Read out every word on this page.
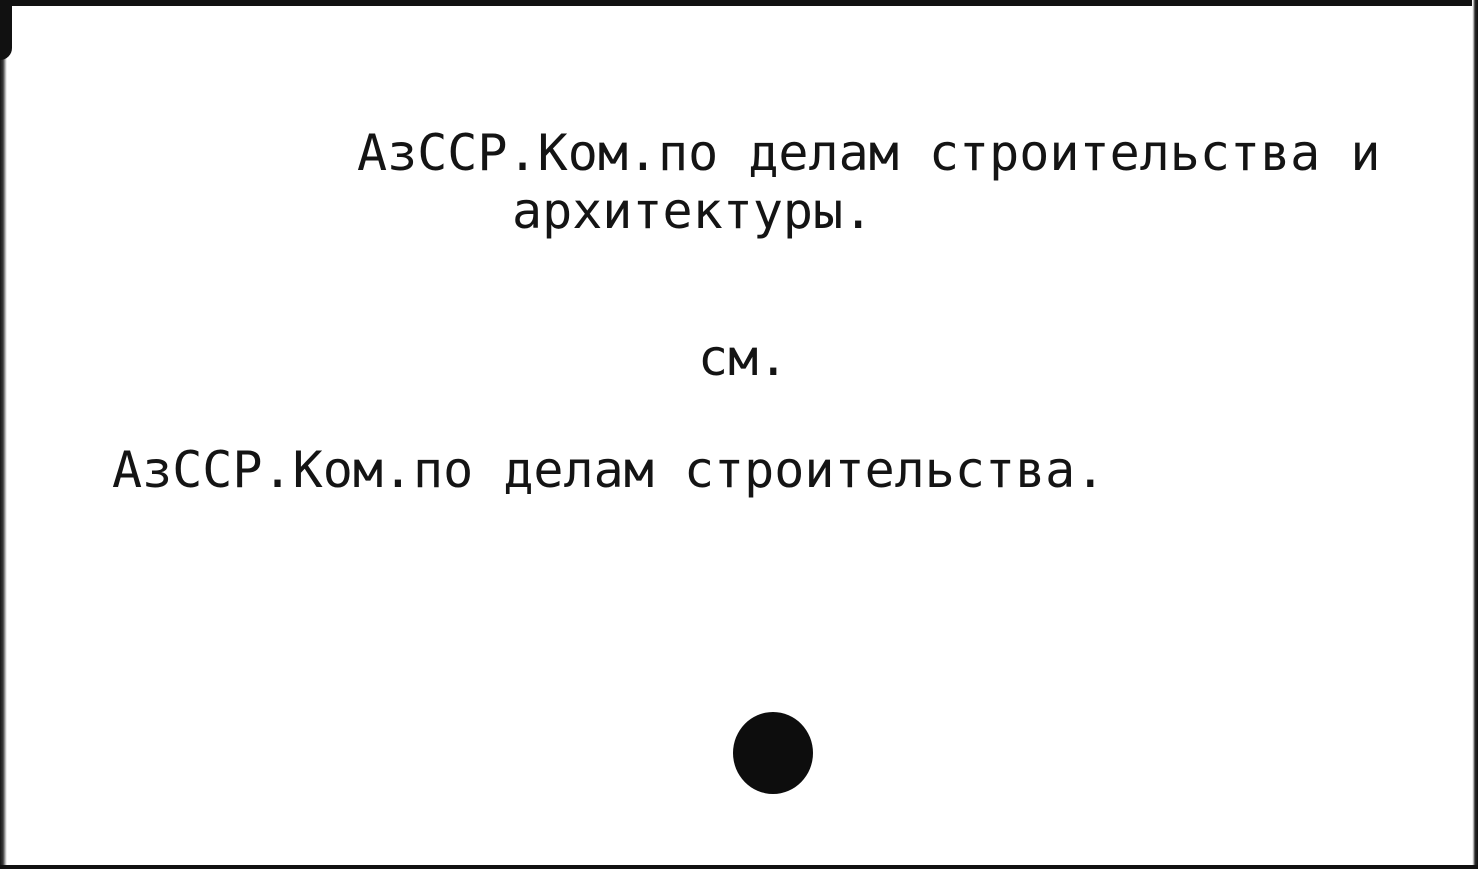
АзССР.Ком.по делам строительства и
архитектуры.
см.
АзССР.Ком.по делам строительства.
